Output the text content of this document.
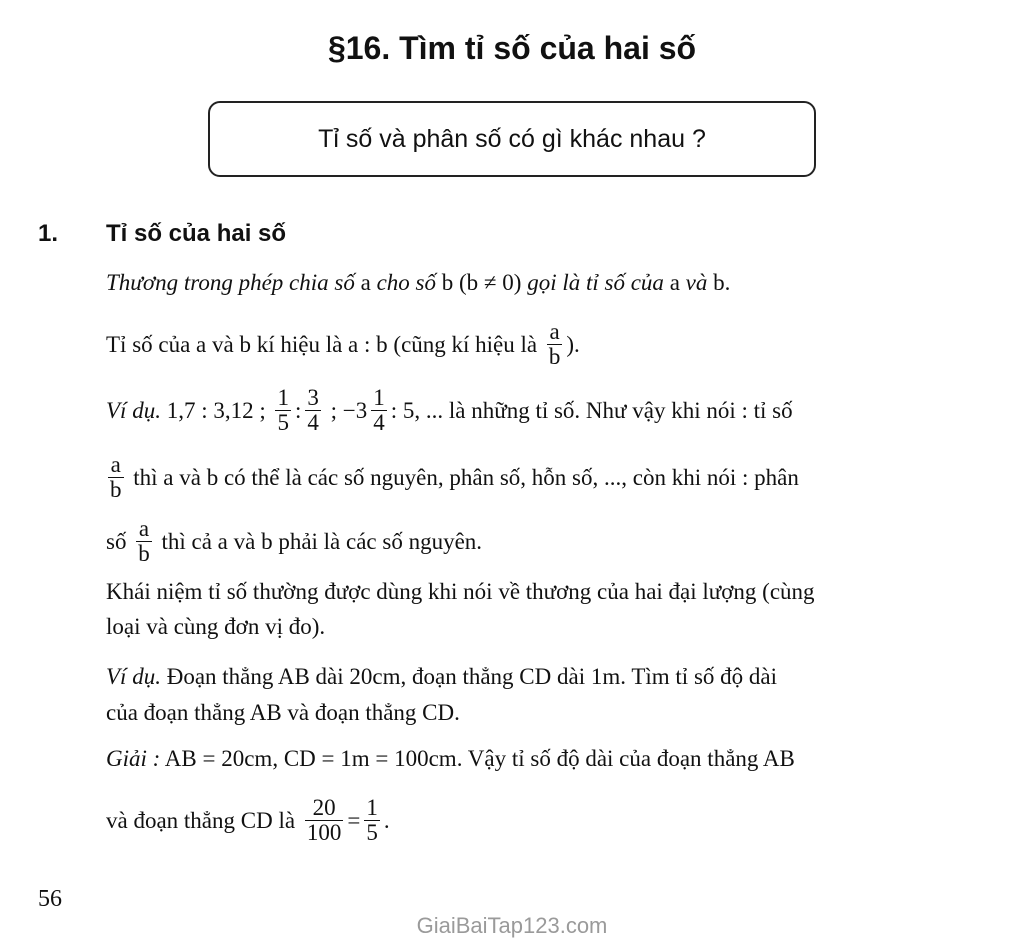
§16. Tìm tỉ số của hai số
Tỉ số và phân số có gì khác nhau ?
1. Tỉ số của hai số
Thương trong phép chia số a cho số b (b ≠ 0) gọi là tỉ số của a và b.
Tỉ số của a và b kí hiệu là a : b (cũng kí hiệu là $\frac{a}{b}$ ).
Ví dụ. 1,7 : 3,12 ; $\frac{1}{5}$ : $\frac{3}{4}$ ; $-3 \frac{1}{4}$ : 5, ... là những tỉ số. Như vậy khi nói : tỉ số
$\frac{a}{b}$ thì a và b có thể là các số nguyên, phân số, hỗn số, ..., còn khi nói : phân
số $\frac{a}{b}$ thì cả a và b phải là các số nguyên.
Khái niệm tỉ số thường được dùng khi nói về thương của hai đại lượng (cùng
loại và cùng đơn vị đo).
Ví dụ. Đoạn thẳng AB dài 20cm, đoạn thẳng CD dài 1m. Tìm tỉ số độ dài
của đoạn thẳng AB và đoạn thẳng CD.
Giải : AB = 20cm, CD = 1m = 100cm. Vậy tỉ số độ dài của đoạn thẳng AB
và đoạn thẳng CD là $\frac{20}{100} = \frac{1}{5}$ .
56
GiaiBaiTap123.com
